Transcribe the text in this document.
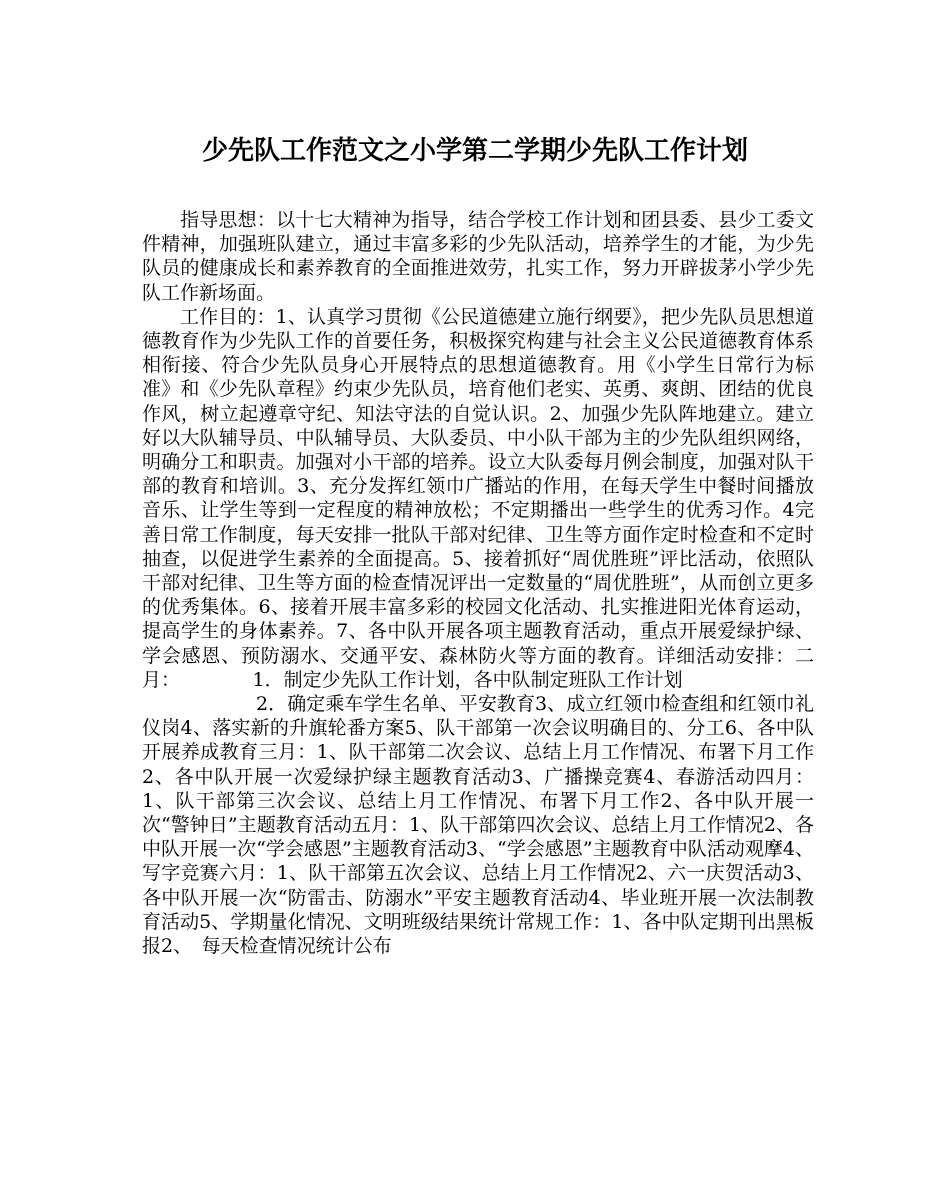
少先队工作范文之小学第二学期少先队工作计划

指导思想：以十七大精神为指导，结合学校工作计划和团县委、县少工委文件精神，加强班队建立，通过丰富多彩的少先队活动，培养学生的才能，为少先队员的健康成长和素养教育的全面推进效劳，扎实工作，努力开辟拔茅小学少先队工作新场面。

工作目的：1、认真学习贯彻《公民道德建立施行纲要》，把少先队员思想道德教育作为少先队工作的首要任务，积极探究构建与社会主义公民道德教育体系相衔接、符合少先队员身心开展特点的思想道德教育。用《小学生日常行为标准》和《少先队章程》约束少先队员，培育他们老实、英勇、爽朗、团结的优良作风，树立起遵章守纪、知法守法的自觉认识。2、加强少先队阵地建立。建立好以大队辅导员、中队辅导员、大队委员、中小队干部为主的少先队组织网络，明确分工和职责。加强对小干部的培养。设立大队委每月例会制度，加强对队干部的教育和培训。3、充分发挥红领巾广播站的作用，在每天学生中餐时间播放音乐、让学生等到一定程度的精神放松；不定期播出一些学生的优秀习作。4完善日常工作制度，每天安排一批队干部对纪律、卫生等方面作定时检查和不定时抽查，以促进学生素养的全面提高。5、接着抓好“周优胜班”评比活动，依照队干部对纪律、卫生等方面的检查情况评出一定数量的“周优胜班”，从而创立更多的优秀集体。6、接着开展丰富多彩的校园文化活动、扎实推进阳光体育运动，提高学生的身体素养。7、各中队开展各项主题教育活动，重点开展爱绿护绿、学会感恩、预防溺水、交通平安、森林防火等方面的教育。详细活动安排：二月：　　　　 1．制定少先队工作计划，各中队制定班队工作计划

2．确定乘车学生名单、平安教育3、成立红领巾检查组和红领巾礼仪岗4、落实新的升旗轮番方案5、队干部第一次会议明确目的、分工6、各中队开展养成教育三月：1、队干部第二次会议、总结上月工作情况、布署下月工作2、各中队开展一次爱绿护绿主题教育活动3、广播操竞赛4、春游活动四月：1、队干部第三次会议、总结上月工作情况、布署下月工作2、各中队开展一次“警钟日”主题教育活动五月：1、队干部第四次会议、总结上月工作情况2、各中队开展一次“学会感恩”主题教育活动3、“学会感恩”主题教育中队活动观摩4、写字竞赛六月：1、队干部第五次会议、总结上月工作情况2、六一庆贺活动3、各中队开展一次“防雷击、防溺水”平安主题教育活动4、毕业班开展一次法制教育活动5、学期量化情况、文明班级结果统计常规工作：1、各中队定期刊出黑板报2、　每天检查情况统计公布
